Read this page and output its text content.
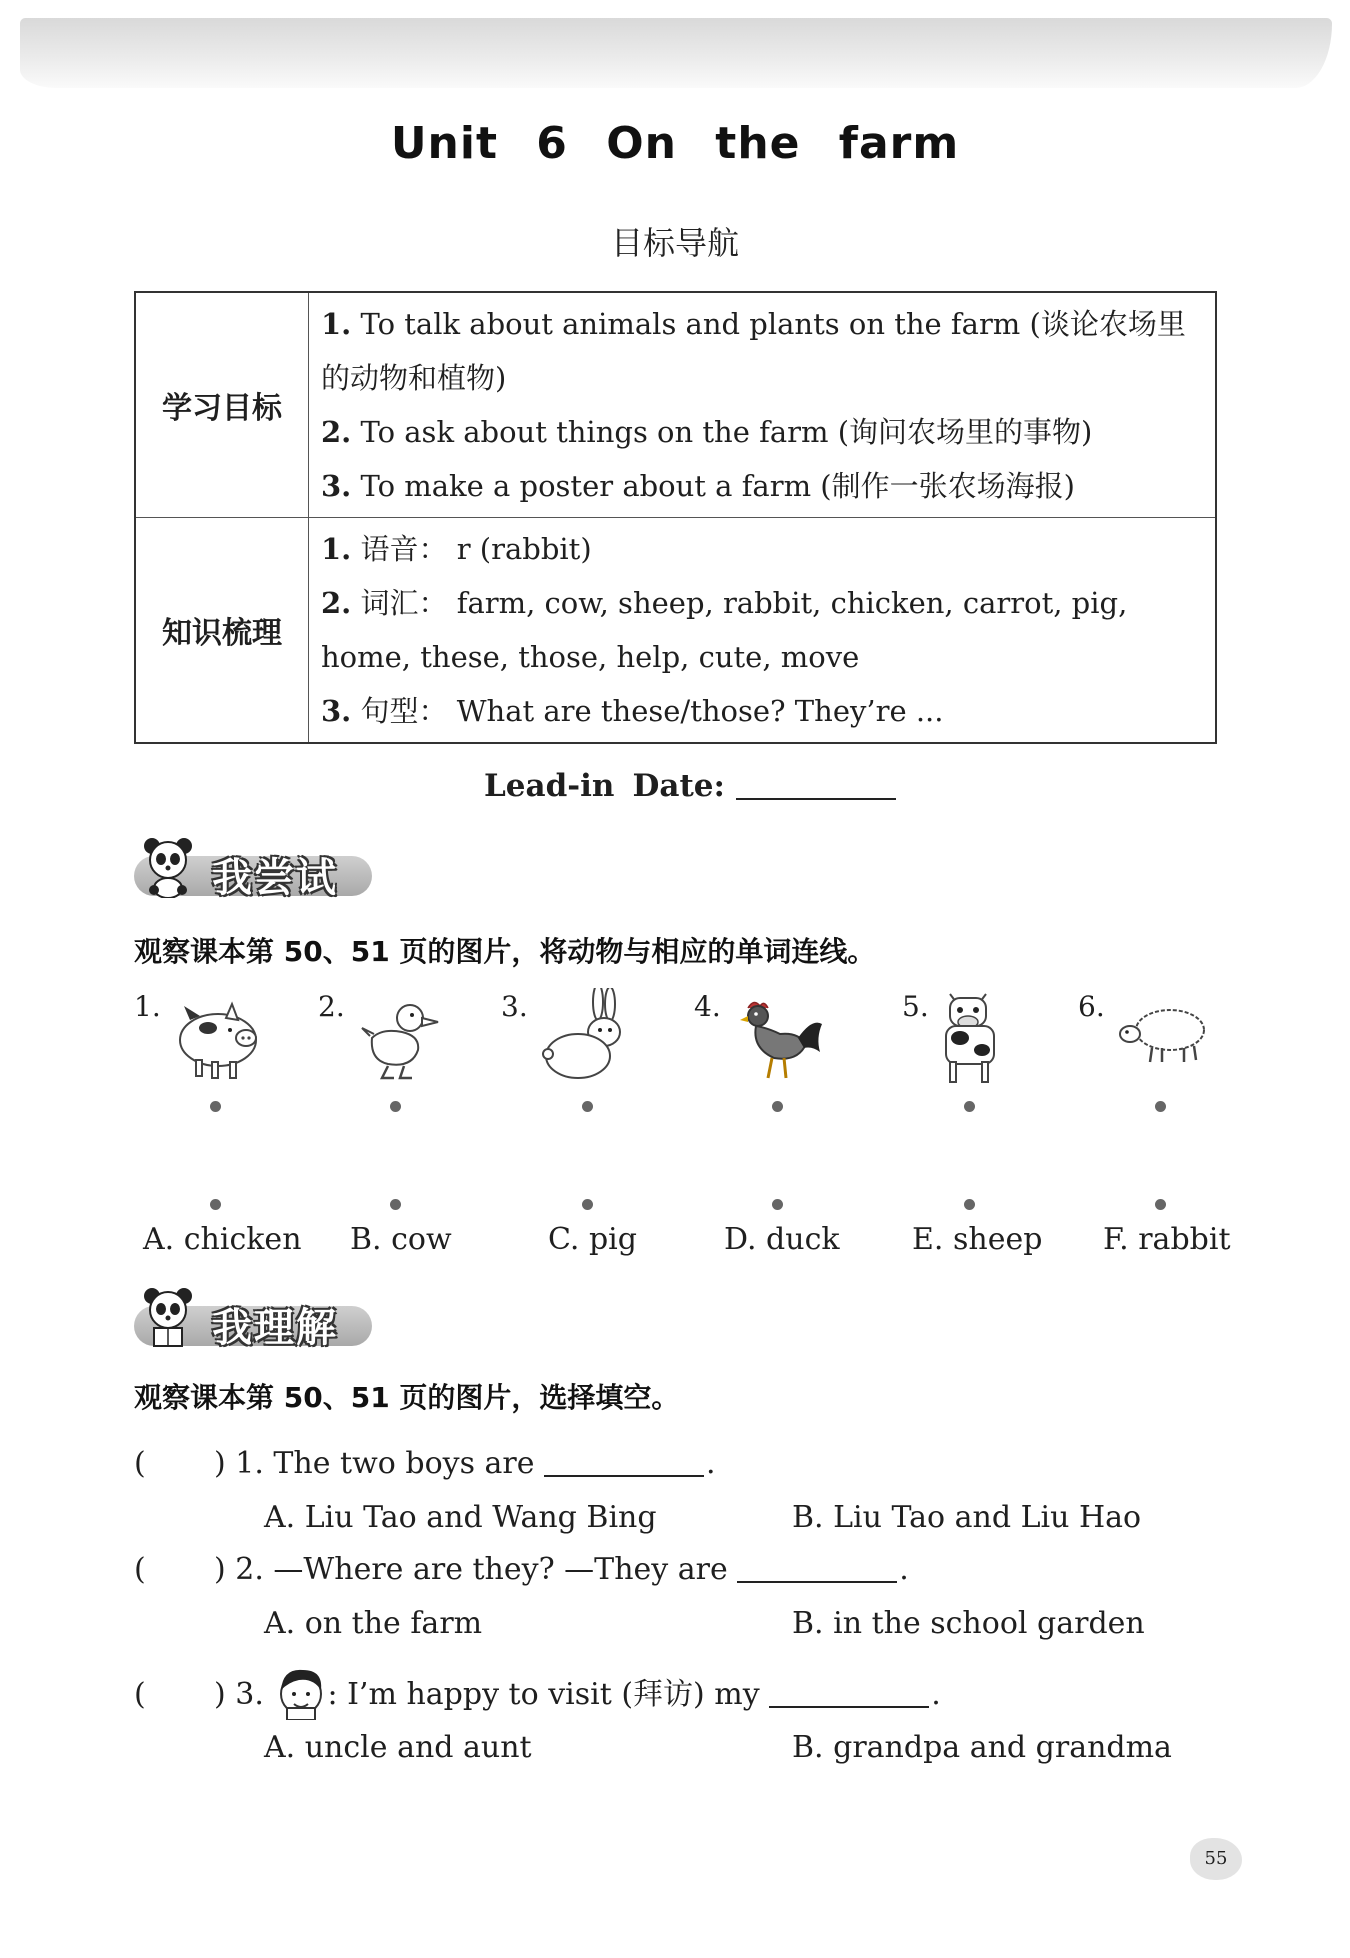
Unit 6 On the farm
目标导航
学习目标	1. To talk about animals and plants on the farm (谈论农场里的动物和植物)
2. To ask about things on the farm (询问农场里的事物)
3. To make a poster about a farm (制作一张农场海报)

知识梳理	1. 语音： r (rabbit)
2. 词汇： farm, cow, sheep, rabbit, chicken, carrot, pig, home, these, those, help, cute, move
3. 句型： What are these/those? They’re ...
Lead-in Date:
我尝试
观察课本第 50、51 页的图片，将动物与相应的单词连线。
1.	2.	3.	4.	5.	6.
A. chicken B. cow	C. pig	D. duck E. sheep F. rabbit
我理解
观察课本第 50、51 页的图片，选择填空。
( ) 1. The two boys are	.
A. Liu Tao and Wang Bing	B. Liu Tao and Liu Hao
( ) 2. —Where are they? —They are	.
A. on the farm	B. in the school garden
( ) 3. : I’m happy to visit (拜访) my	.
A. uncle and aunt	B. grandpa and grandma
55
